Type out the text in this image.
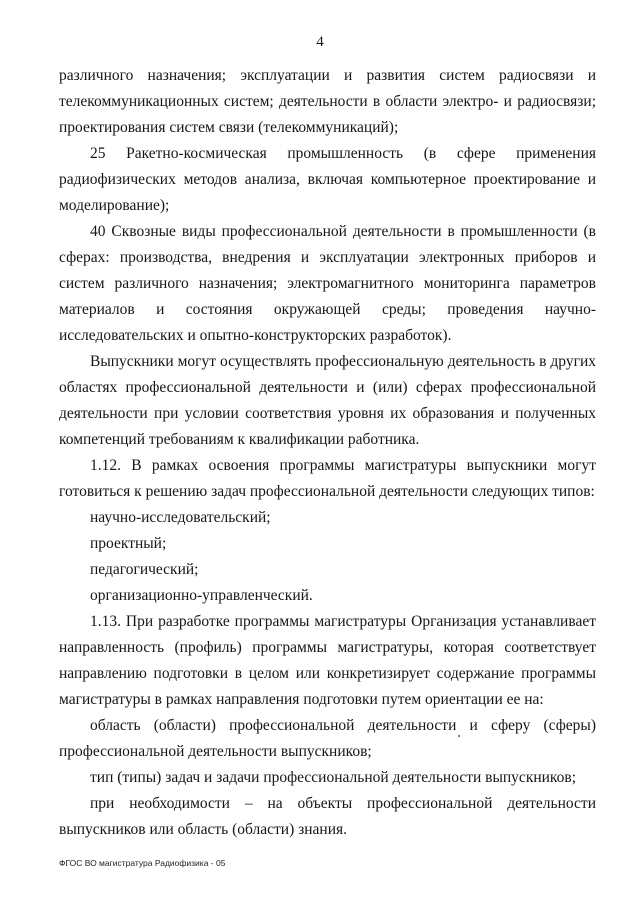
4

различного назначения; эксплуатации и развития систем радиосвязи и телекоммуникационных систем; деятельности в области электро- и радиосвязи; проектирования систем связи (телекоммуникаций);

25 Ракетно-космическая промышленность (в сфере применения радиофизических методов анализа, включая компьютерное проектирование и моделирование);

40 Сквозные виды профессиональной деятельности в промышленности (в сферах: производства, внедрения и эксплуатации электронных приборов и систем различного назначения; электромагнитного мониторинга параметров материалов и состояния окружающей среды; проведения научно-исследовательских и опытно-конструкторских разработок).

Выпускники могут осуществлять профессиональную деятельность в других областях профессиональной деятельности и (или) сферах профессиональной деятельности при условии соответствия уровня их образования и полученных компетенций требованиям к квалификации работника.

1.12. В рамках освоения программы магистратуры выпускники могут готовиться к решению задач профессиональной деятельности следующих типов:

научно-исследовательский;

проектный;

педагогический;

организационно-управленческий.

1.13. При разработке программы магистратуры Организация устанавливает направленность (профиль) программы магистратуры, которая соответствует направлению подготовки в целом или конкретизирует содержание программы магистратуры в рамках направления подготовки путем ориентации ее на:

область (области) профессиональной деятельности и сферу (сферы) профессиональной деятельности выпускников;

тип (типы) задач и задачи профессиональной деятельности выпускников;

при необходимости – на объекты профессиональной деятельности выпускников или область (области) знания.

ФГОС ВО магистратура Радиофизика - 05
